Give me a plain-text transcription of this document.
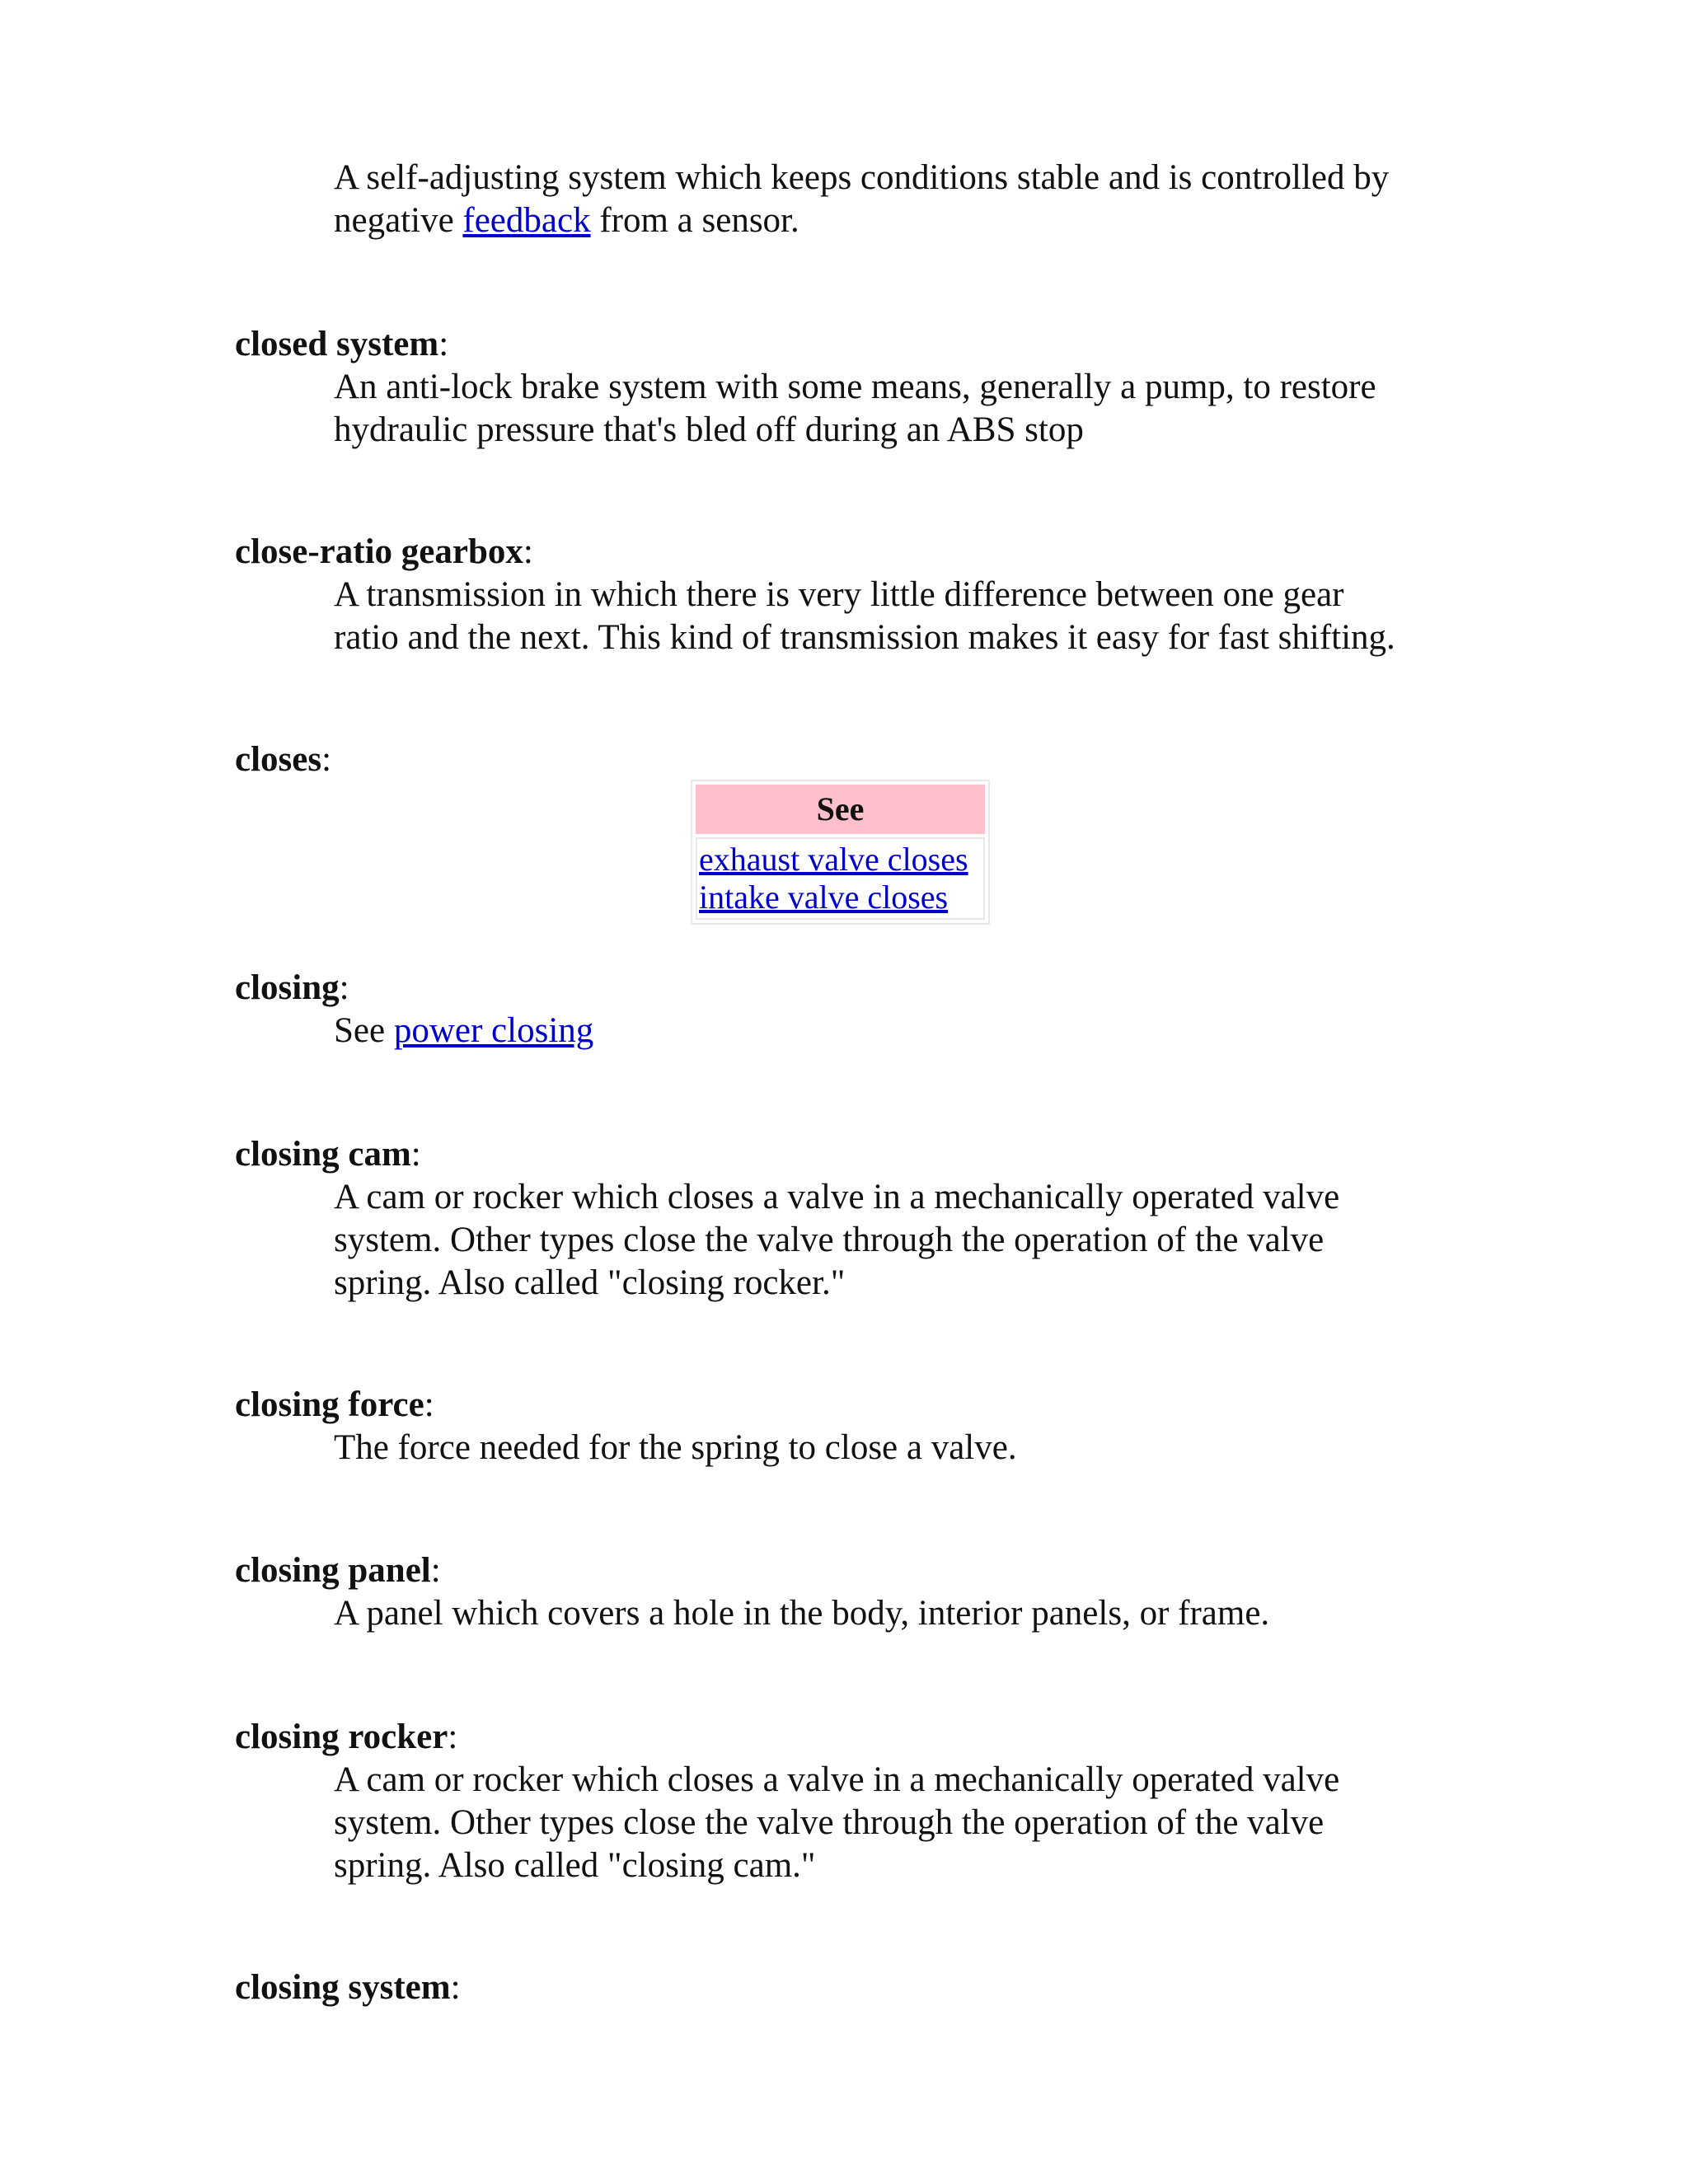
A self-adjusting system which keeps conditions stable and is controlled by
negative feedback from a sensor.
closed system:
An anti-lock brake system with some means, generally a pump, to restore
hydraulic pressure that's bled off during an ABS stop
close-ratio gearbox:
A transmission in which there is very little difference between one gear
ratio and the next. This kind of transmission makes it easy for fast shifting.
closes:
See
exhaust valve closes
intake valve closes
closing:
See power closing
closing cam:
A cam or rocker which closes a valve in a mechanically operated valve
system. Other types close the valve through the operation of the valve
spring. Also called "closing rocker."
closing force:
The force needed for the spring to close a valve.
closing panel:
A panel which covers a hole in the body, interior panels, or frame.
closing rocker:
A cam or rocker which closes a valve in a mechanically operated valve
system. Other types close the valve through the operation of the valve
spring. Also called "closing cam."
closing system:
